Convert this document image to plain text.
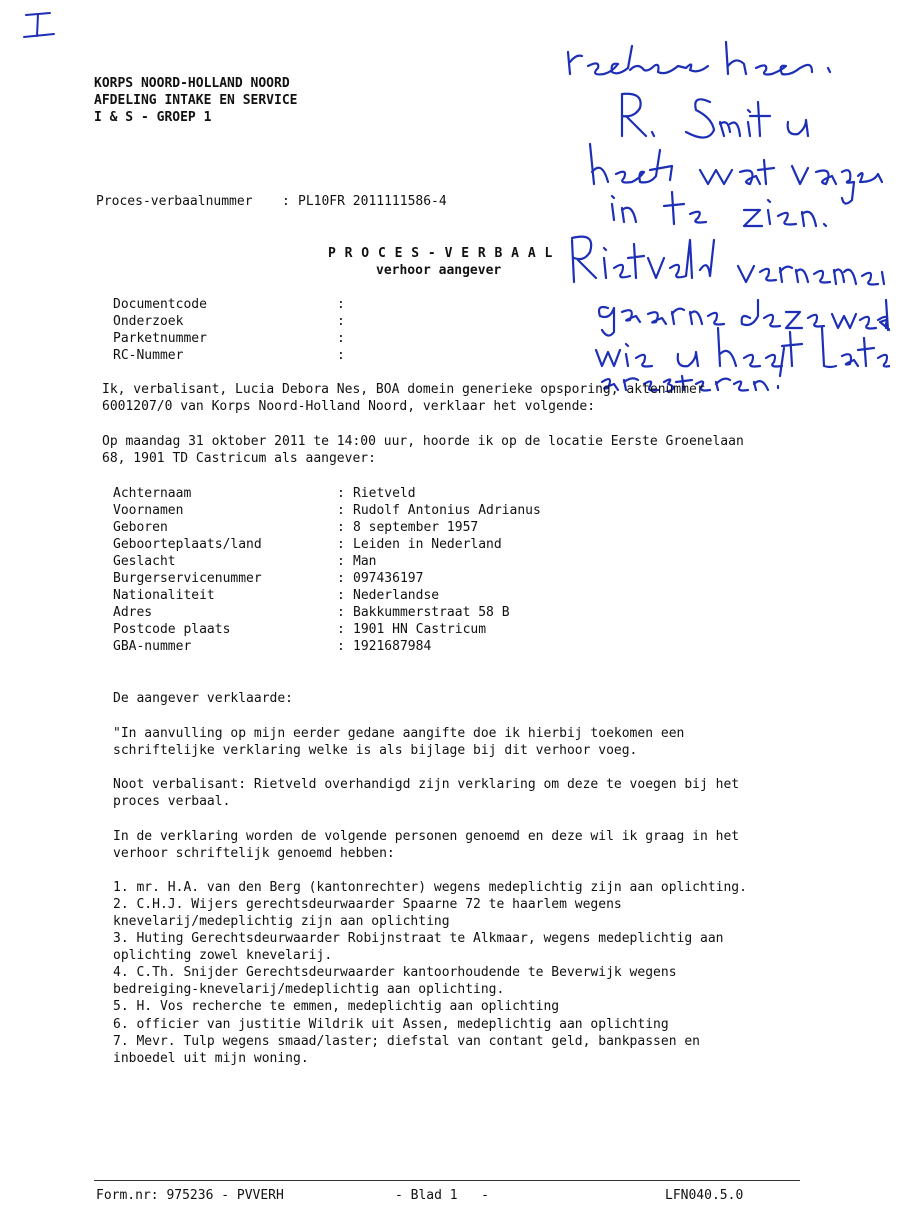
KORPS NOORD-HOLLAND NOORD
AFDELING INTAKE EN SERVICE
I & S - GROEP 1
Proces-verbaalnummer : PL10FR 2011111586-4
P R O C E S - V E R B A A L
verhoor aangever
Documentcode	:
Onderzoek	:
Parketnummer	:
RC-Nummer	:
Ik, verbalisant, Lucia Debora Nes, BOA domein generieke opsporing, aktenummer
6001207/0 van Korps Noord-Holland Noord, verklaar het volgende:
Op maandag 31 oktober 2011 te 14:00 uur, hoorde ik op de locatie Eerste Groenelaan
68, 1901 TD Castricum als aangever:
Achternaam	: Rietveld
Voornamen	: Rudolf Antonius Adrianus
Geboren	: 8 september 1957
Geboorteplaats/land	: Leiden in Nederland
Geslacht	: Man
Burgerservicenummer	: 097436197
Nationaliteit	: Nederlandse
Adres	: Bakkummerstraat 58 B
Postcode plaats	: 1901 HN Castricum
GBA-nummer	: 1921687984
De aangever verklaarde:
"In aanvulling op mijn eerder gedane aangifte doe ik hierbij toekomen een
schriftelijke verklaring welke is als bijlage bij dit verhoor voeg.
Noot verbalisant: Rietveld overhandigd zijn verklaring om deze te voegen bij het
proces verbaal.
In de verklaring worden de volgende personen genoemd en deze wil ik graag in het
verhoor schriftelijk genoemd hebben:
1. mr. H.A. van den Berg (kantonrechter) wegens medeplichtig zijn aan oplichting.
2. C.H.J. Wijers gerechtsdeurwaarder Spaarne 72 te haarlem wegens
knevelarij/medeplichtig zijn aan oplichting
3. Huting Gerechtsdeurwaarder Robijnstraat te Alkmaar, wegens medeplichtig aan
oplichting zowel knevelarij.
4. C.Th. Snijder Gerechtsdeurwaarder kantoorhoudende te Beverwijk wegens
bedreiging-knevelarij/medeplichtig aan oplichting.
5. H. Vos recherche te emmen, medeplichtig aan oplichting
6. officier van justitie Wildrik uit Assen, medeplichtig aan oplichting
7. Mevr. Tulp wegens smaad/laster; diefstal van contant geld, bankpassen en
inboedel uit mijn woning.
Form.nr: 975236 - PVVERH	- Blad 1   -	LFN040.5.0
